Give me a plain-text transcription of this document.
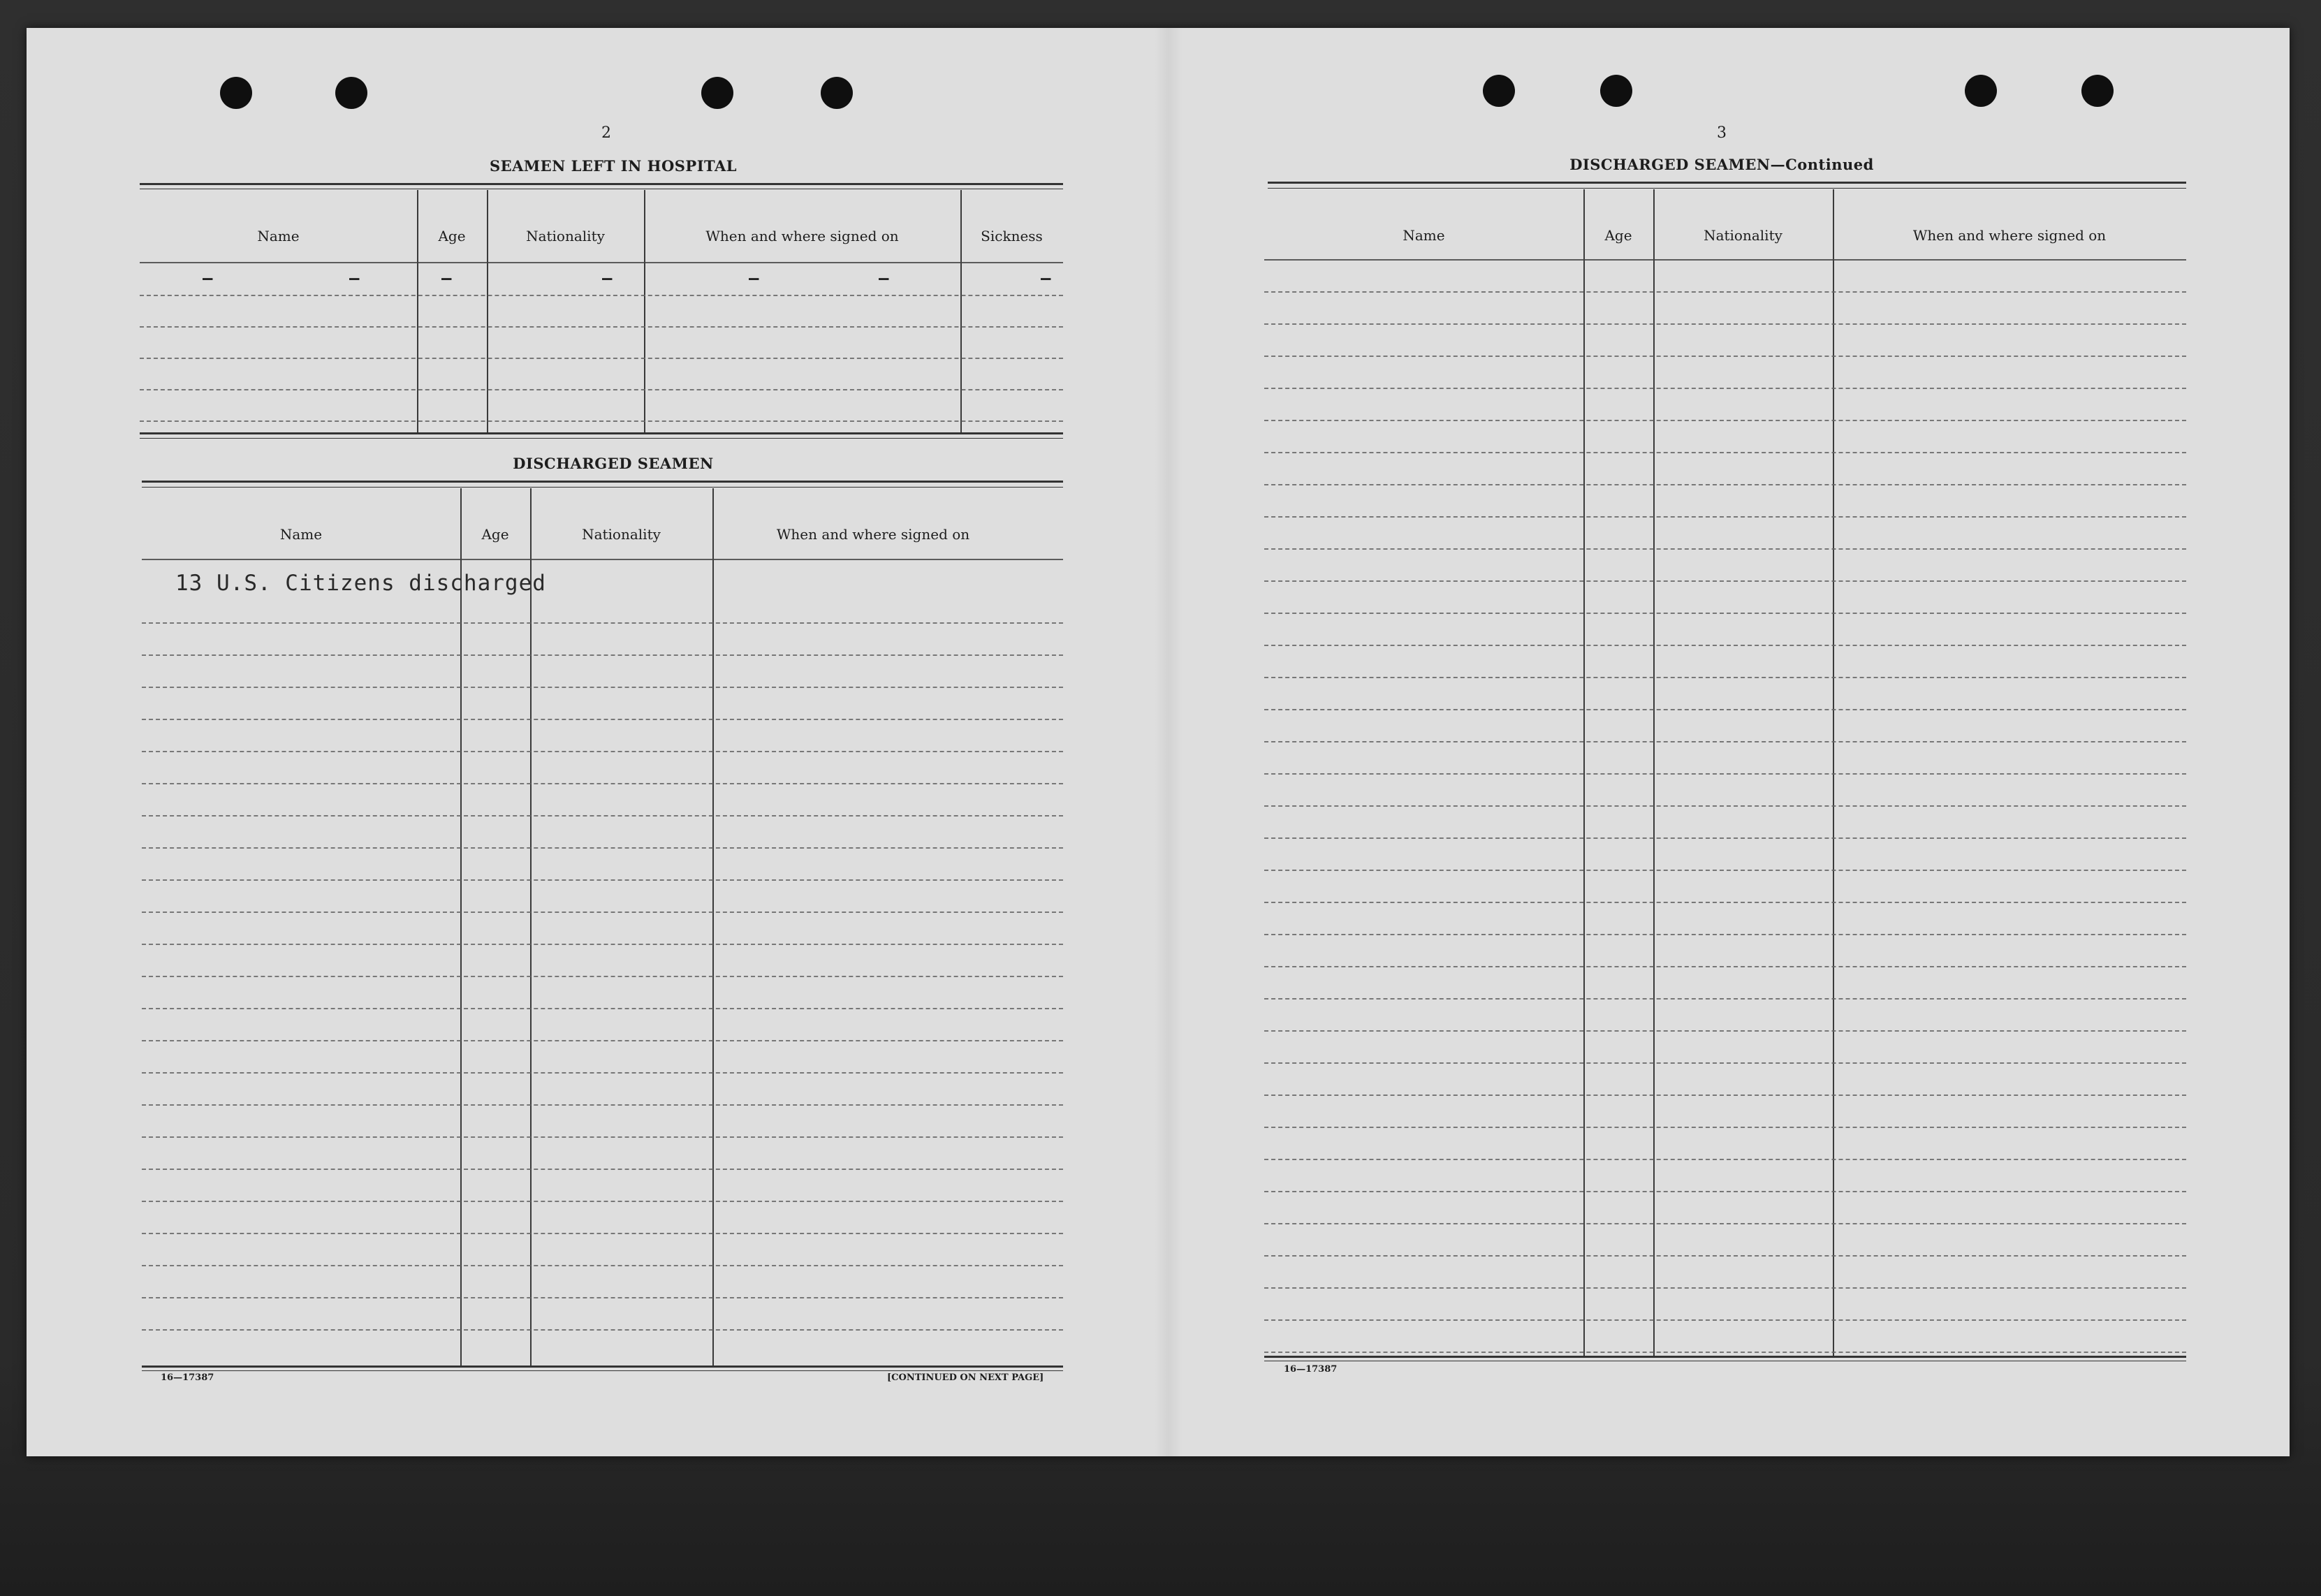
2
SEAMEN LEFT IN HOSPITAL
Name	Age	Nationality	When and where signed on	Sickness
–	–	–	–	–	–	–
DISCHARGED SEAMEN
Name	Age	Nationality	When and where signed on
13 U.S. Citizens discharged
16—17387	[CONTINUED ON NEXT PAGE]
3
DISCHARGED SEAMEN—Continued
Name	Age	Nationality	When and where signed on
16—17387
